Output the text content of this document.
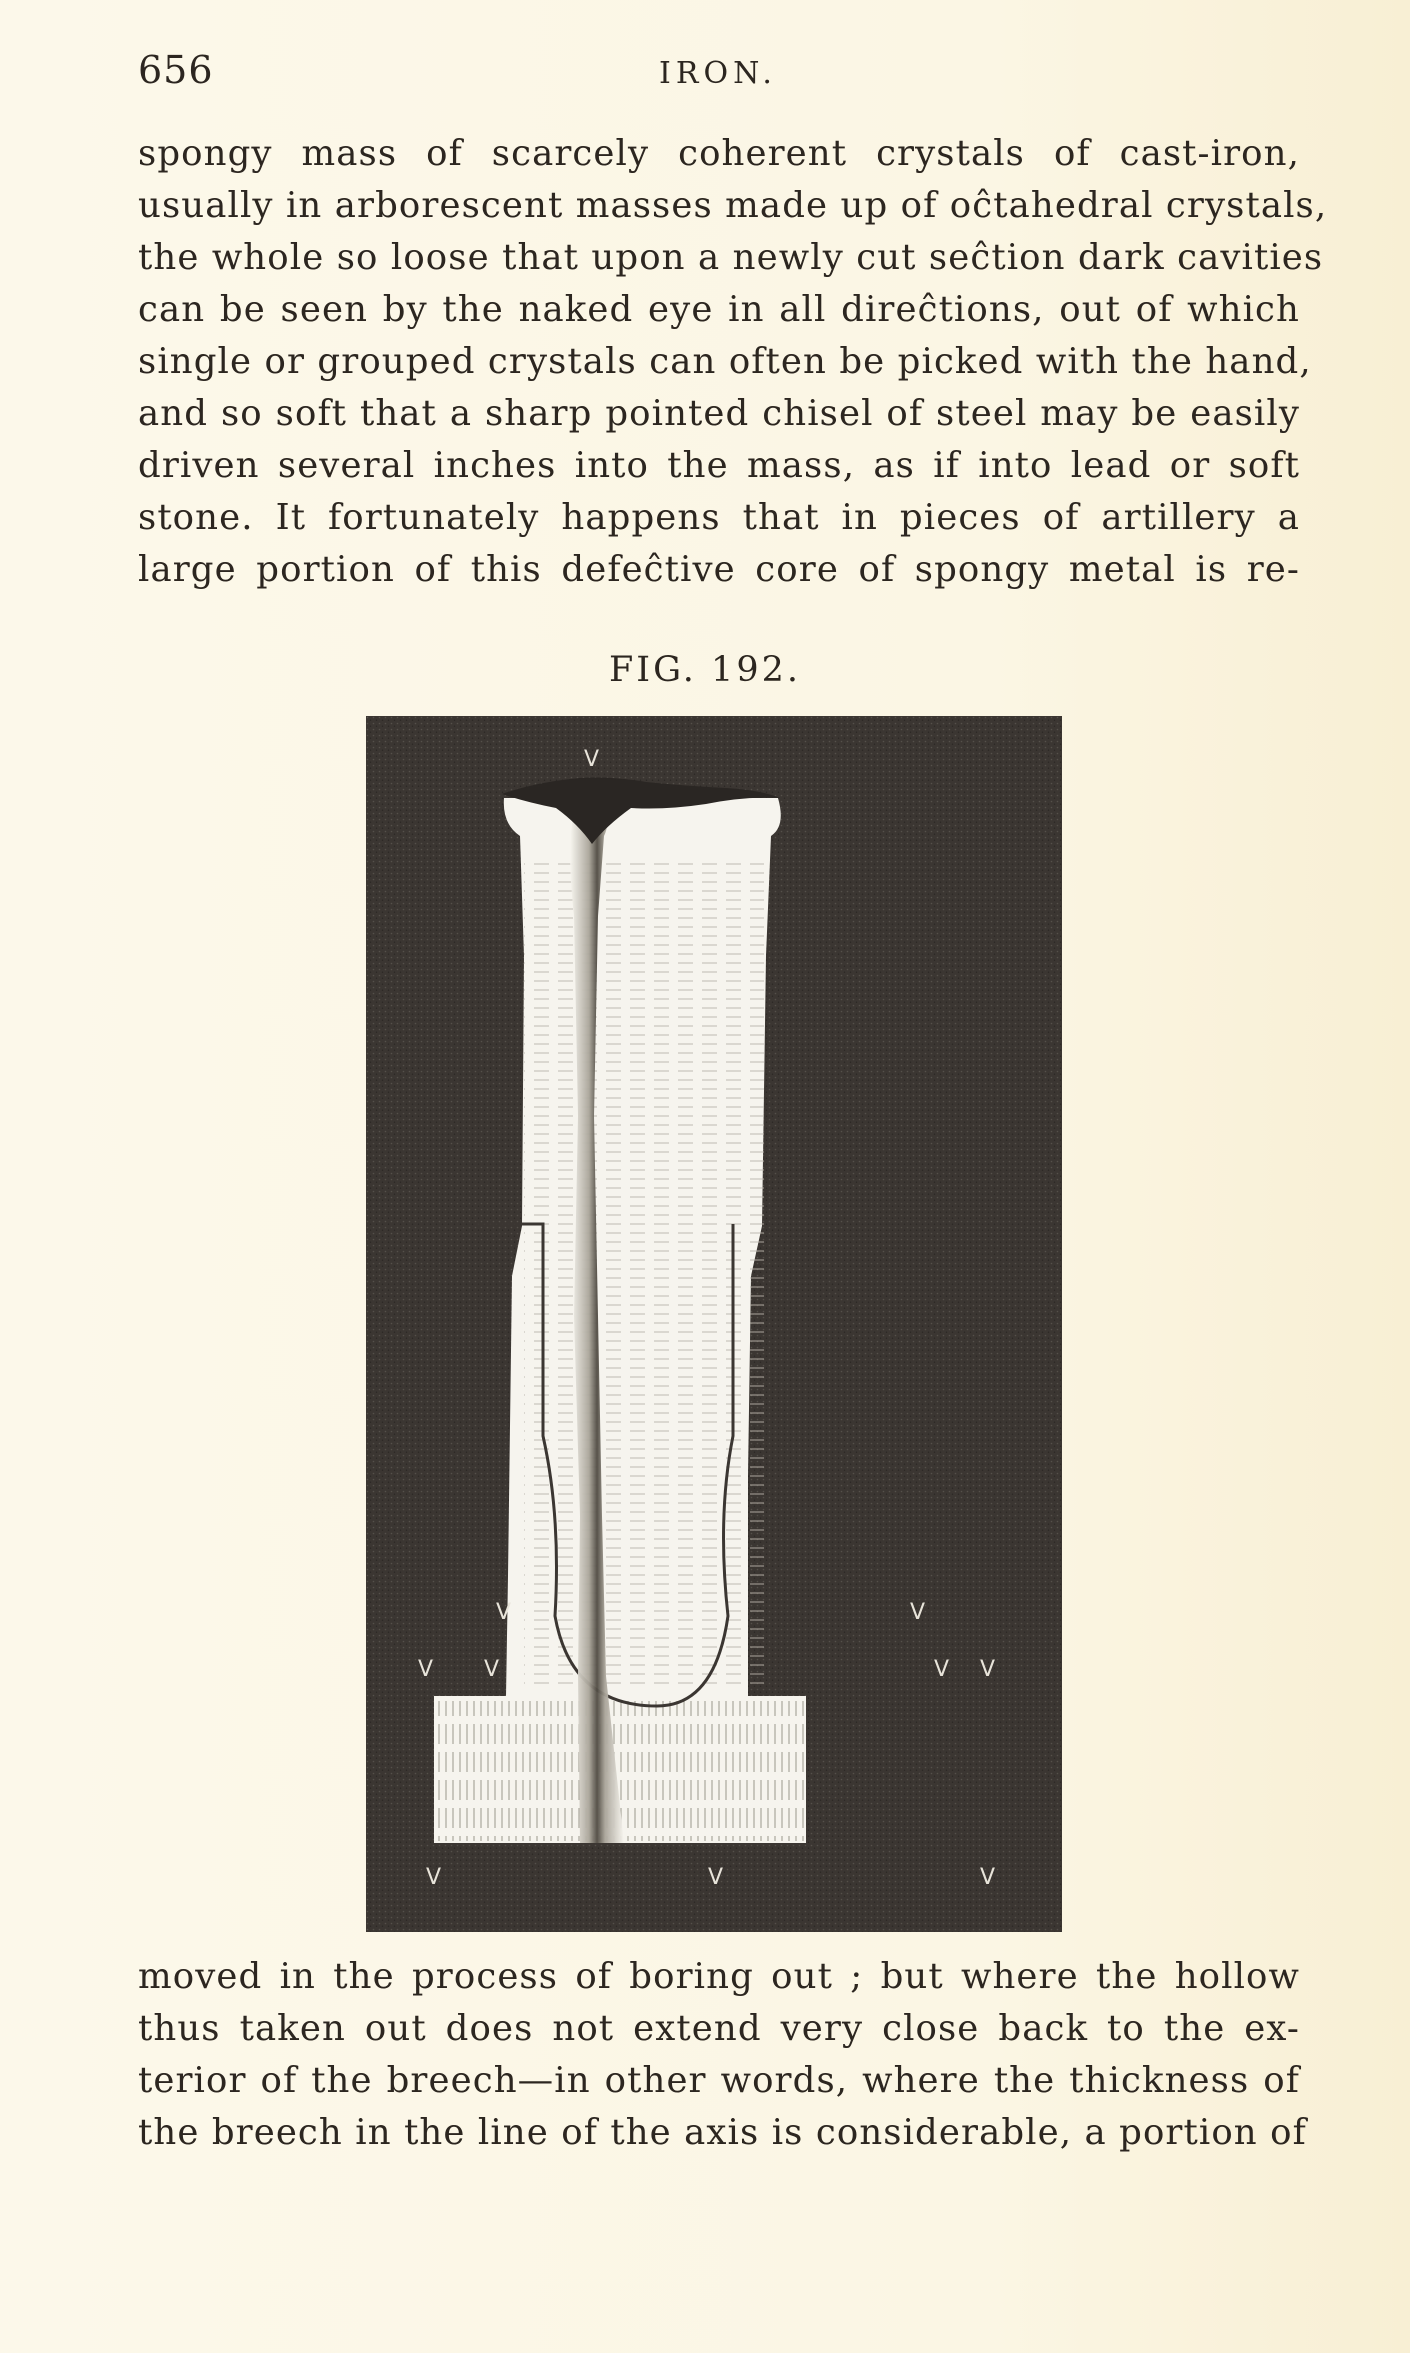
656	IRON.
spongy mass of scarcely coherent crystals of cast-iron,
usually in arborescent masses made up of oĉtahedral crystals,
the whole so loose that upon a newly cut seĉtion dark cavities
can be seen by the naked eye in all direĉtions, out of which
single or grouped crystals can often be picked with the hand,
and so soft that a sharp pointed chisel of steel may be easily
driven several inches into the mass, as if into lead or soft
stone. It fortunately happens that in pieces of artillery a
large portion of this defeĉtive core of spongy metal is re-
FIG. 192.
V
V	V
V V	V V
V	V	V
moved in the process of boring out ; but where the hollow
thus taken out does not extend very close back to the ex-
terior of the breech—in other words, where the thickness of
the breech in the line of the axis is considerable, a portion of
